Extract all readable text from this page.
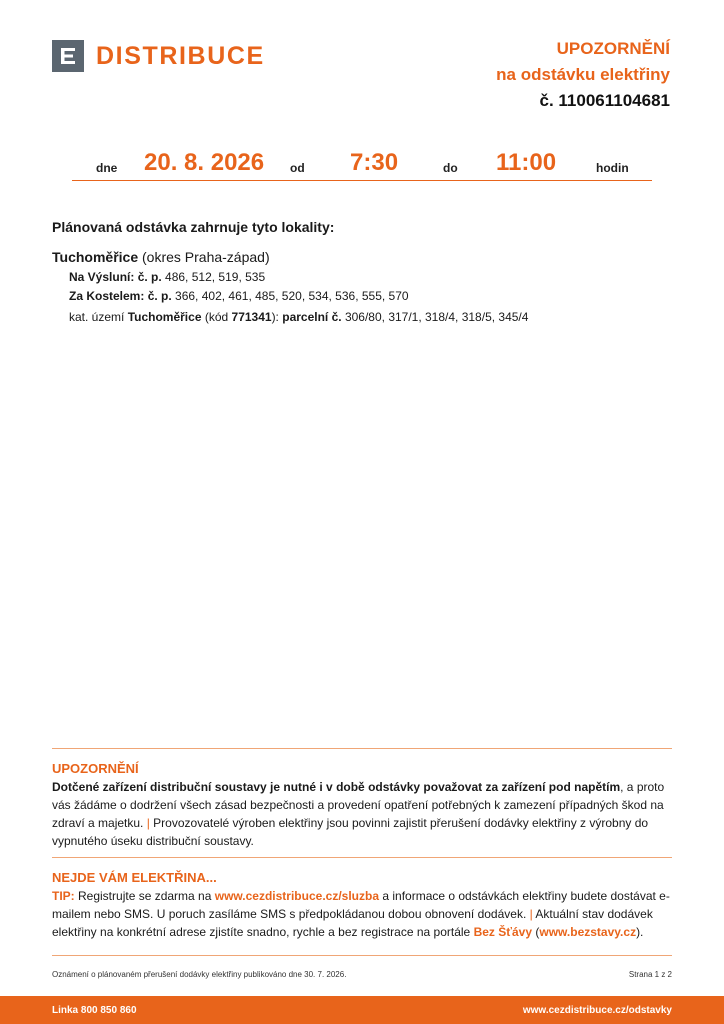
DISTRIBUCE	UPOZORNĚNÍ
na odstávku elektřiny
č. 110061104681
dne 20. 8. 2026 od 7:30	do 11:00	hodin
Plánovaná odstávka zahrnuje tyto lokality:
Tuchoměřice (okres Praha-západ)
Na Výsluní: č. p. 486, 512, 519, 535
Za Kostelem: č. p. 366, 402, 461, 485, 520, 534, 536, 555, 570
kat. území Tuchoměřice (kód 771341): parcelní č. 306/80, 317/1, 318/4, 318/5, 345/4
UPOZORNĚNÍ
Dotčené zařízení distribuční soustavy je nutné i v době odstávky považovat za zařízení pod napětím, a proto vás žádáme o dodržení všech zásad bezpečnosti a provedení opatření potřebných k zamezení případných škod na zdraví a majetku. | Provozovatelé výroben elektřiny jsou povinni zajistit přerušení dodávky elektřiny z výrobny do vypnutého úseku distribuční soustavy.
NEJDE VÁM ELEKTŘINA...
TIP: Registrujte se zdarma na www.cezdistribuce.cz/sluzba a informace o odstávkách elektřiny budete dostávat e-mailem nebo SMS. U poruch zasíláme SMS s předpokládanou dobou obnovení dodávek. | Aktuální stav dodávek elektřiny na konkrétní adrese zjistíte snadno, rychle a bez registrace na portále Bez Šťávy (www.bezstavy.cz).
Oznámení o plánovaném přerušení dodávky elektřiny publikováno dne 30. 7. 2026.	Strana 1 z 2
Linka 800 850 860	www.cezdistribuce.cz/odstavky
